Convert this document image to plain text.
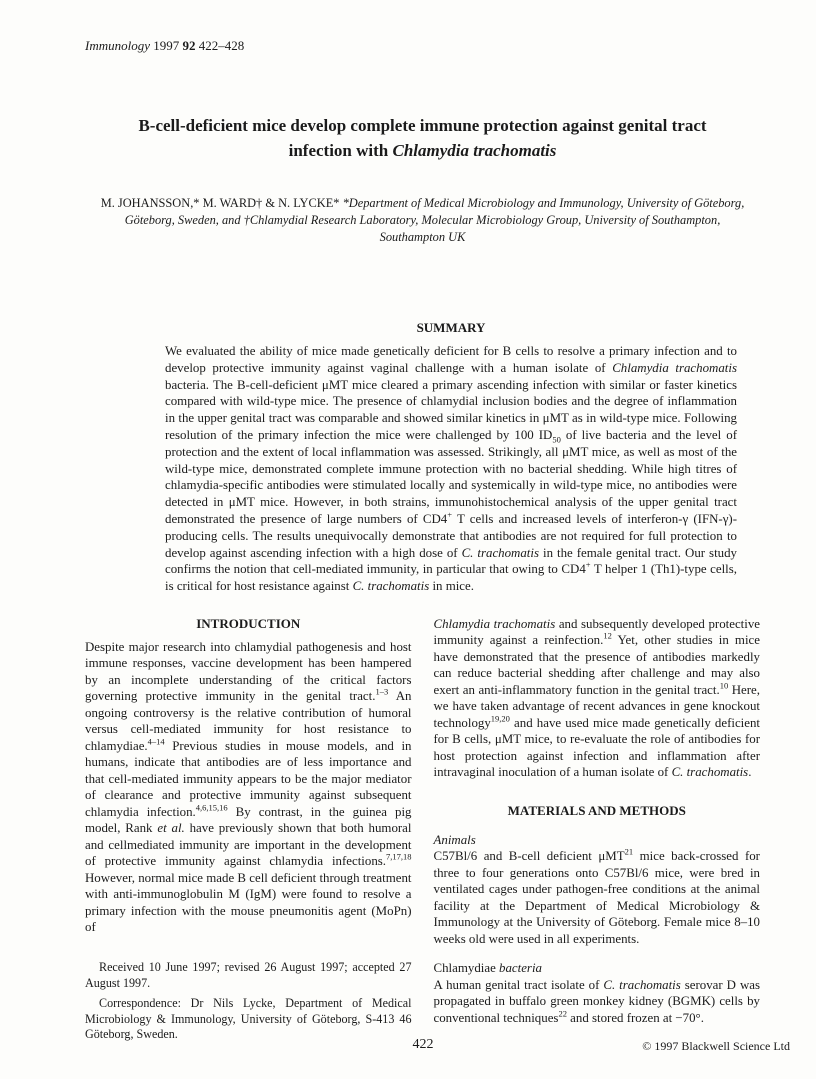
Immunology 1997 92 422–428
B-cell-deficient mice develop complete immune protection against genital tract
infection with Chlamydia trachomatis
M. JOHANSSON,* M. WARD† & N. LYCKE* *Department of Medical Microbiology and Immunology, University of Göteborg,
Göteborg, Sweden, and †Chlamydial Research Laboratory, Molecular Microbiology Group, University of Southampton,
Southampton UK
SUMMARY

We evaluated the ability of mice made genetically deficient for B cells to resolve a primary infection and to develop protective immunity against vaginal challenge with a human isolate of Chlamydia trachomatis bacteria. The B-cell-deficient μMT mice cleared a primary ascending infection with similar or faster kinetics compared with wild-type mice. The presence of chlamydial inclusion bodies and the degree of inflammation in the upper genital tract was comparable and showed similar kinetics in μMT as in wild-type mice. Following resolution of the primary infection the mice were challenged by 100 $ID_{50}$ of live bacteria and the level of protection and the extent of local inflammation was assessed. Strikingly, all μMT mice, as well as most of the wild-type mice, demonstrated complete immune protection with no bacterial shedding. While high titres of chlamydia-specific antibodies were stimulated locally and systemically in wild-type mice, no antibodies were detected in μMT mice. However, in both strains, immunohistochemical analysis of the upper genital tract demonstrated the presence of large numbers of CD4+ T cells and increased levels of interferon-γ (IFN-γ)-producing cells. The results unequivocally demonstrate that antibodies are not required for full protection to develop against ascending infection with a high dose of C. trachomatis in the female genital tract. Our study confirms the notion that cell-mediated immunity, in particular that owing to CD4+ T helper 1 (Th1)-type cells, is critical for host resistance against C. trachomatis in mice.

INTRODUCTION

Despite major research into chlamydial pathogenesis and host immune responses, vaccine development has been hampered by an incomplete understanding of the critical factors governing protective immunity in the genital tract.$^{1-3}$ An ongoing controversy is the relative contribution of humoral versus cell-mediated immunity for host resistance to chlamydiae.$^{4-14}$ Previous studies in mouse models, and in humans, indicate that antibodies are of less importance and that cell-mediated immunity appears to be the major mediator of clearance and protective immunity against subsequent chlamydia infection.$^{4,6,15,16}$ By contrast, in the guinea pig model, Rank et al. have previously shown that both humoral and cellmediated immunity are important in the development of protective immunity against chlamydia infections.$^{7,17,18}$ However, normal mice made B cell deficient through treatment with anti-immunoglobulin M (IgM) were found to resolve a primary infection with the mouse pneumonitis agent (MoPn) of

Received 10 June 1997; revised 26 August 1997; accepted 27 August 1997.

Correspondence: Dr Nils Lycke, Department of Medical Microbiology & Immunology, University of Göteborg, S-413 46 Göteborg, Sweden.

Chlamydia trachomatis and subsequently developed protective immunity against a reinfection.$^{12}$ Yet, other studies in mice have demonstrated that the presence of antibodies markedly can reduce bacterial shedding after challenge and may also exert an anti-inflammatory function in the genital tract.$^{10}$ Here, we have taken advantage of recent advances in gene knockout technology$^{19,20}$ and have used mice made genetically deficient for B cells, μMT mice, to re-evaluate the role of antibodies for host protection against infection and inflammation after intravaginal inoculation of a human isolate of C. trachomatis.

MATERIALS AND METHODS

Animals

C57Bl/6 and B-cell deficient μMT$^{21}$ mice back-crossed for three to four generations onto C57Bl/6 mice, were bred in ventilated cages under pathogen-free conditions at the animal facility at the Department of Medical Microbiology & Immunology at the University of Göteborg. Female mice 8–10 weeks old were used in all experiments.

Chlamydiae bacteria

A human genital tract isolate of C. trachomatis serovar D was propagated in buffalo green monkey kidney (BGMK) cells by conventional techniques$^{22}$ and stored frozen at −70°.

422	© 1997 Blackwell Science Ltd
